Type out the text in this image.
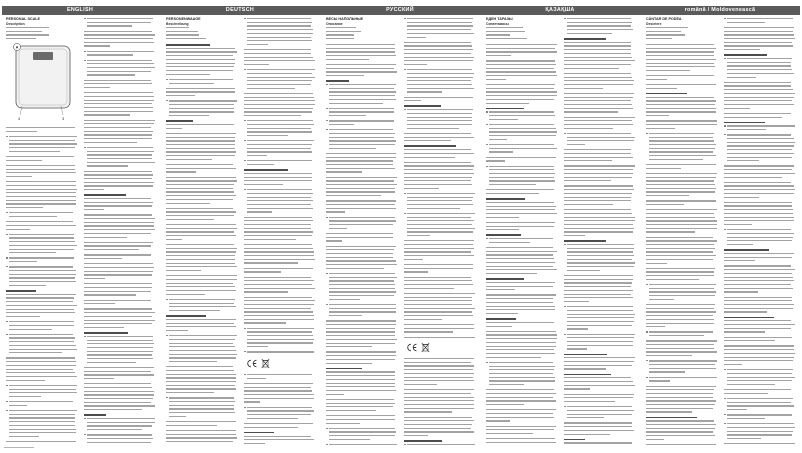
ENGLISH	DEUTSCH	РУССКИЙ	ҚАЗАҚША	română / Moldovenească
PERSONAL SCALE	PERSONENWAAGE	ВЕСЫ НАПОЛЬНЫЕ	ЕДЕН ТАРАЗЫ	CÂNTAR DE PODEA
Description	Beschreibung	Описание	Сипаттамасы	Descriere
A
4	3
